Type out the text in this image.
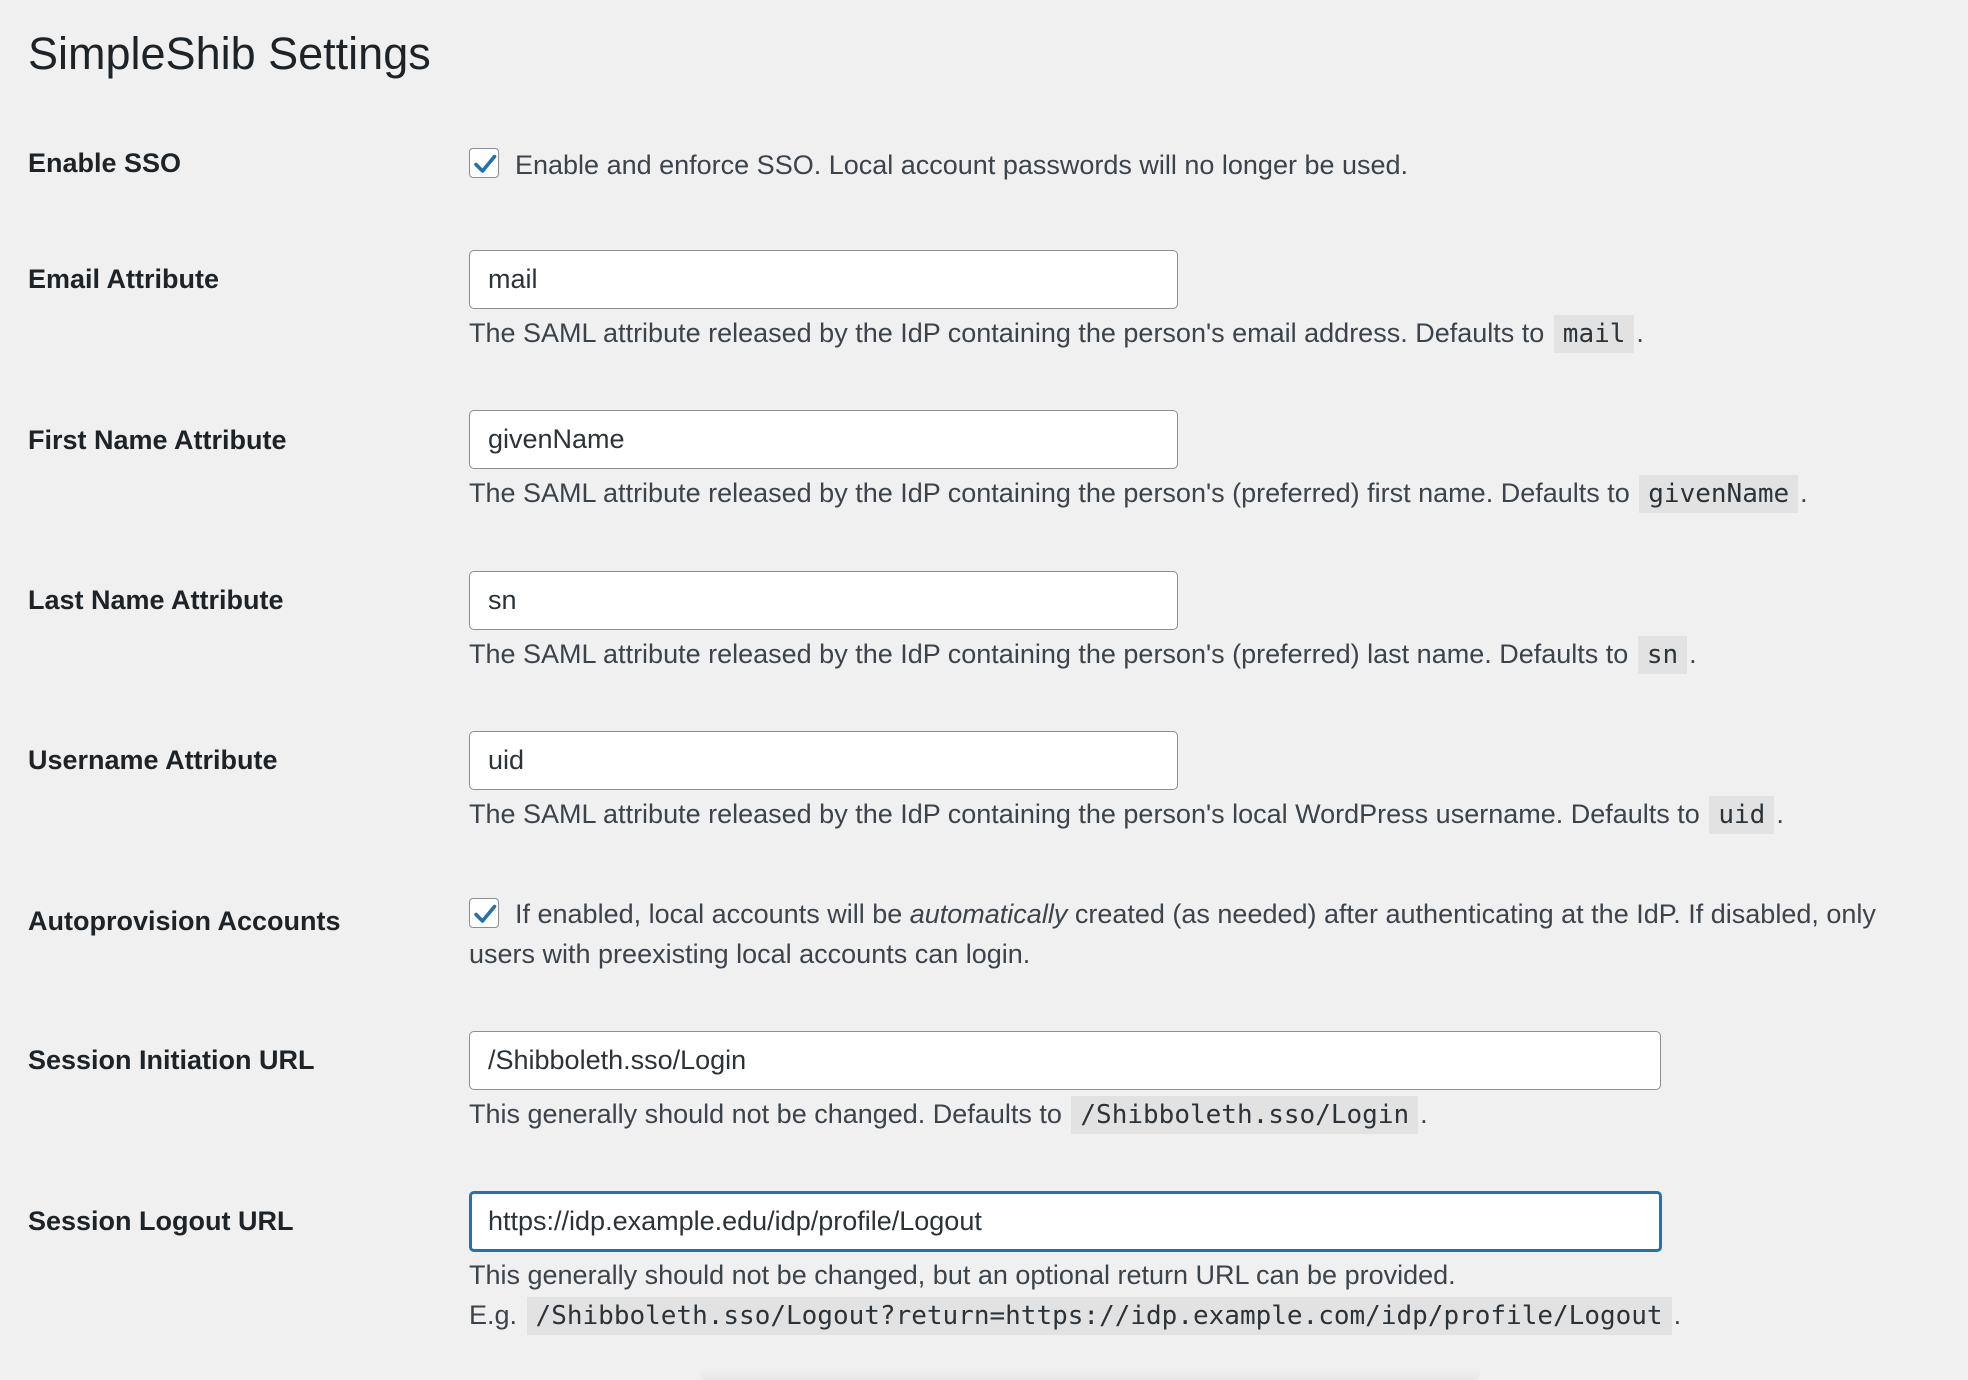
SimpleShib Settings
Enable SSO	Enable and enforce SSO. Local account passwords will no longer be used.
Email Attribute
mail
The SAML attribute released by the IdP containing the person's email address. Defaults to mail .
First Name Attribute
givenName
The SAML attribute released by the IdP containing the person's (preferred) first name. Defaults to givenName .
Last Name Attribute
sn
The SAML attribute released by the IdP containing the person's (preferred) last name. Defaults to sn .
Username Attribute
uid
The SAML attribute released by the IdP containing the person's local WordPress username. Defaults to uid .
Autoprovision Accounts	If enabled, local accounts will be automatically created (as needed) after authenticating at the IdP. If disabled, only users with preexisting local accounts can login.
Session Initiation URL
/Shibboleth.sso/Login
This generally should not be changed. Defaults to /Shibboleth.sso/Login .
Session Logout URL
https://idp.example.edu/idp/profile/Logout
This generally should not be changed, but an optional return URL can be provided.
E.g. /Shibboleth.sso/Logout?return=https://idp.example.com/idp/profile/Logout .
